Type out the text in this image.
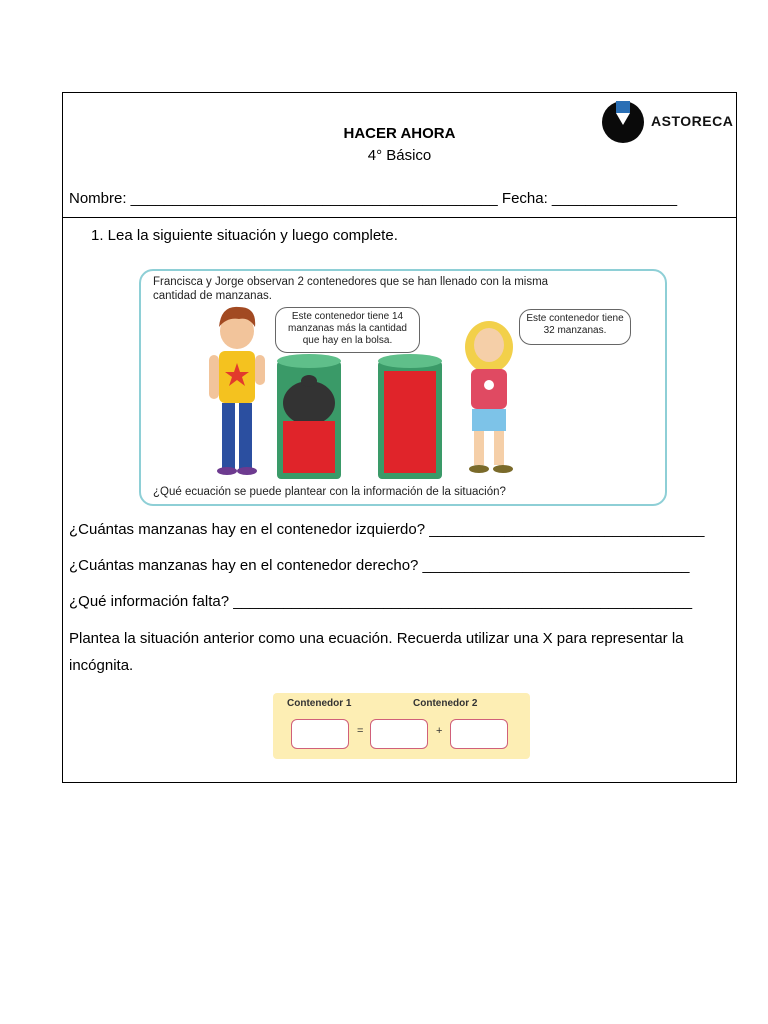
HACER AHORA
4° Básico
ASTORECA
Nombre: ____________________________________________ Fecha: _______________
1. Lea la siguiente situación y luego complete.
Francisca y Jorge observan 2 contenedores que se han llenado con la misma cantidad de manzanas.
Este contenedor tiene 14 manzanas más la cantidad que hay en la bolsa.
Este contenedor tiene 32 manzanas.
¿Qué ecuación se puede plantear con la información de la situación?
¿Cuántas manzanas hay en el contenedor izquierdo? _________________________________
¿Cuántas manzanas hay en el contenedor derecho? ________________________________
¿Qué información falta? _______________________________________________________
Plantea la situación anterior como una ecuación. Recuerda utilizar una X para representar la incógnita.
Contenedor 1	Contenedor 2
=	+
